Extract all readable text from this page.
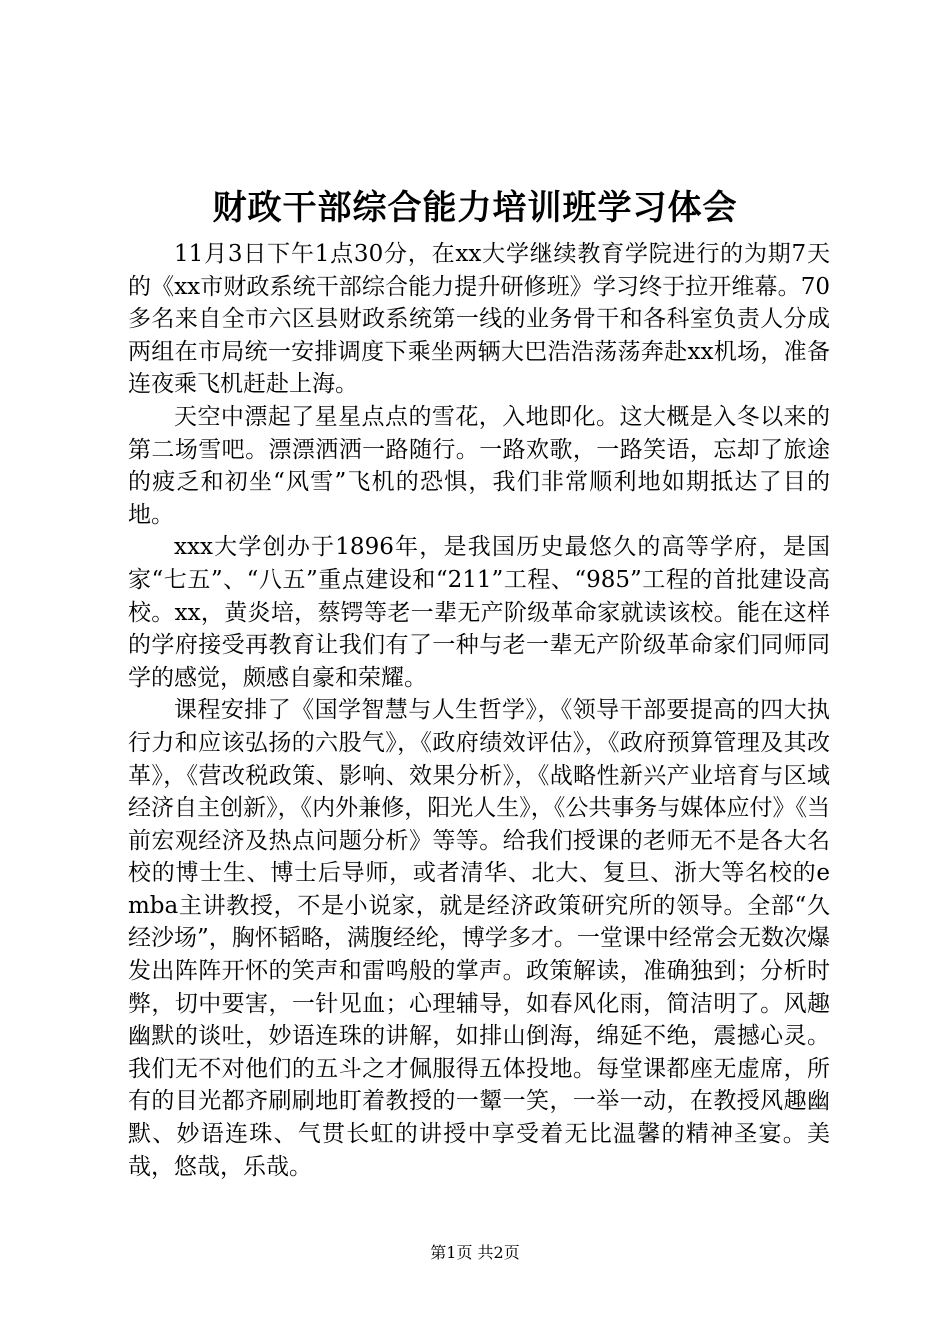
财政干部综合能力培训班学习体会

11月3日下午1点30分，在xx大学继续教育学院进行的为期7天的《xx市财政系统干部综合能力提升研修班》学习终于拉开维幕。70多名来自全市六区县财政系统第一线的业务骨干和各科室负责人分成两组在市局统一安排调度下乘坐两辆大巴浩浩荡荡奔赴xx机场，准备连夜乘飞机赶赴上海。

天空中漂起了星星点点的雪花，入地即化。这大概是入冬以来的第二场雪吧。漂漂洒洒一路随行。一路欢歌，一路笑语，忘却了旅途的疲乏和初坐“风雪”飞机的恐惧，我们非常顺利地如期抵达了目的地。

xxx大学创办于1896年，是我国历史最悠久的高等学府，是国家“七五”、“八五”重点建设和“211”工程、“985”工程的首批建设高校。xx，黄炎培，蔡锷等老一辈无产阶级革命家就读该校。能在这样的学府接受再教育让我们有了一种与老一辈无产阶级革命家们同师同学的感觉，颇感自豪和荣耀。

课程安排了《国学智慧与人生哲学》，《领导干部要提高的四大执行力和应该弘扬的六股气》，《政府绩效评估》，《政府预算管理及其改革》，《营改税政策、影响、效果分析》，《战略性新兴产业培育与区域经济自主创新》，《内外兼修，阳光人生》，《公共事务与媒体应付》《当前宏观经济及热点问题分析》等等。给我们授课的老师无不是各大名校的博士生、博士后导师，或者清华、北大、复旦、浙大等名校的emba主讲教授，不是小说家，就是经济政策研究所的领导。全部“久经沙场”，胸怀韬略，满腹经纶，博学多才。一堂课中经常会无数次爆发出阵阵开怀的笑声和雷鸣般的掌声。政策解读，准确独到；分析时弊，切中要害，一针见血；心理辅导，如春风化雨，简洁明了。风趣幽默的谈吐，妙语连珠的讲解，如排山倒海，绵延不绝，震撼心灵。我们无不对他们的五斗之才佩服得五体投地。每堂课都座无虚席，所有的目光都齐刷刷地盯着教授的一颦一笑，一举一动，在教授风趣幽默、妙语连珠、气贯长虹的讲授中享受着无比温馨的精神圣宴。美哉，悠哉，乐哉。

第1页 共2页
